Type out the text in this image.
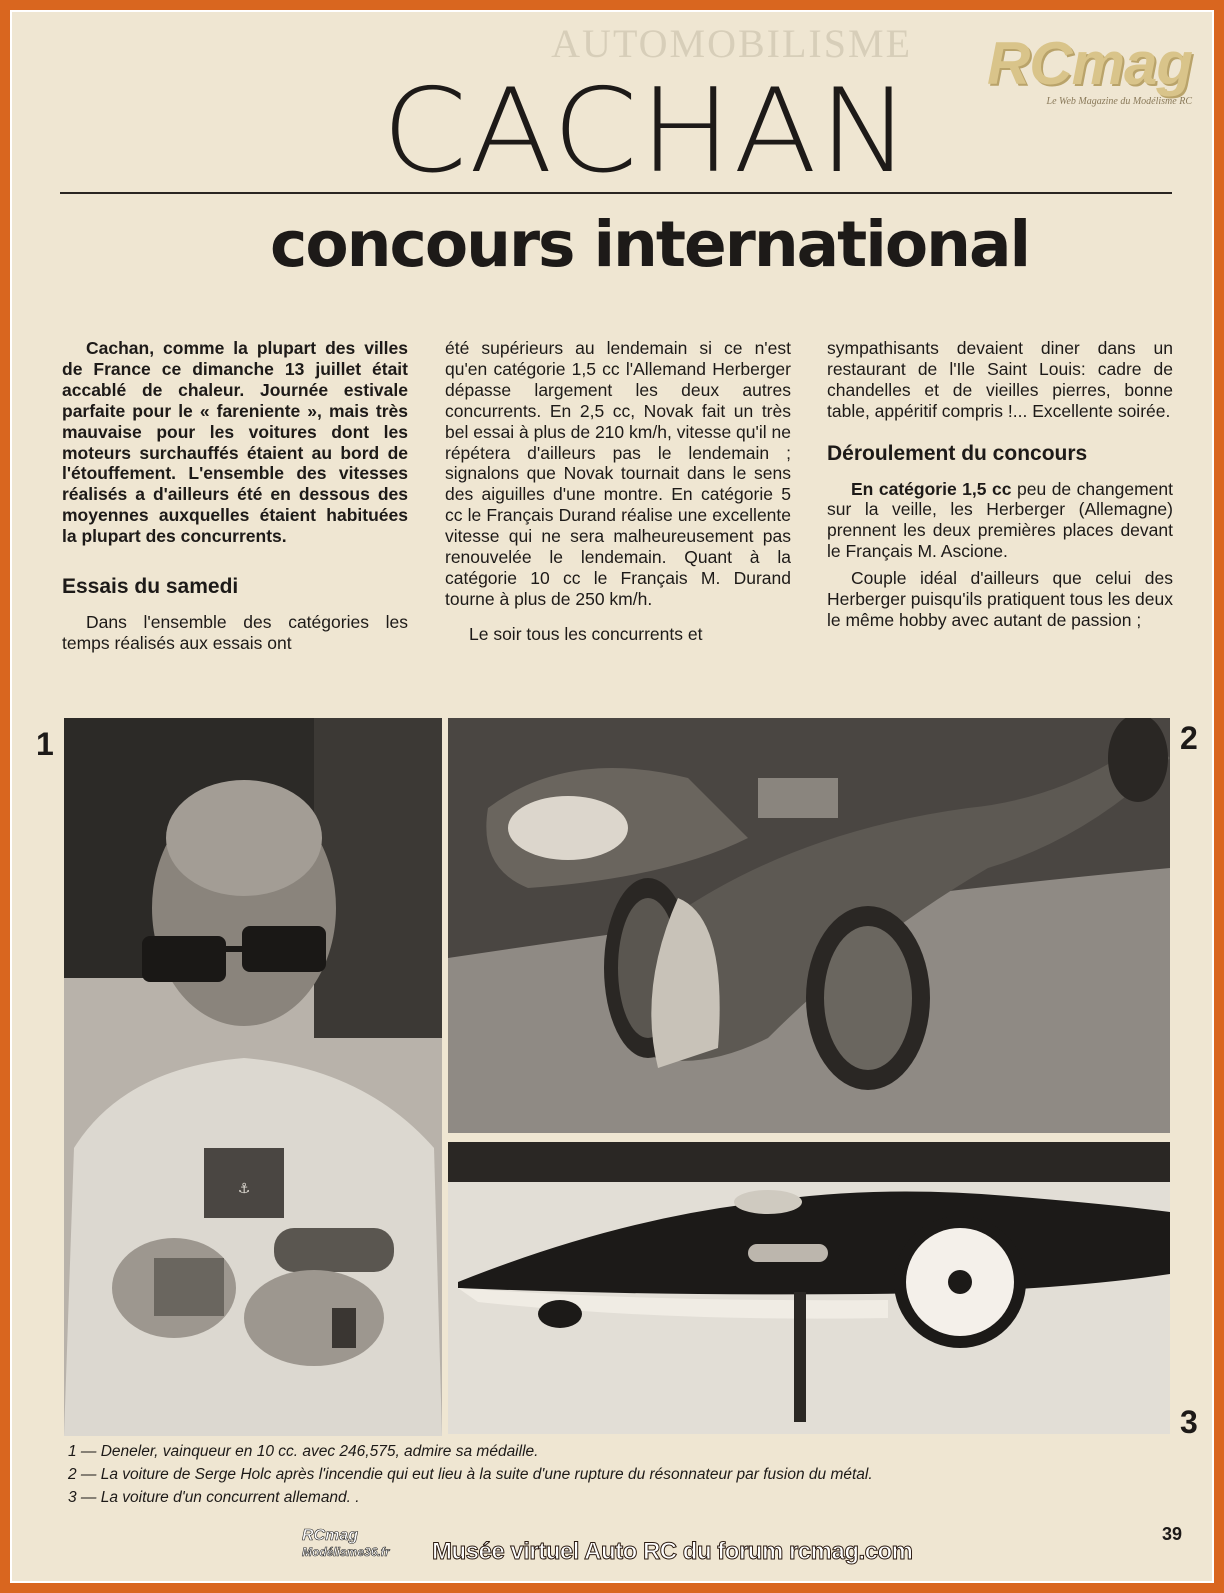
AUTOMOBILISME RCmag
Le Web Magazine du Modélisme RC
CACHAN
concours international

Cachan, comme la plupart des villes de France ce dimanche 13 juillet était accablé de chaleur. Journée estivale parfaite pour le « fareniente », mais très mauvaise pour les voitures dont les moteurs surchauffés étaient au bord de l'étouffement. L'ensemble des vitesses réalisés a d'ailleurs été en dessous des moyennes auxquelles étaient habituées la plupart des concurrents.

Essais du samedi

Dans l'ensemble des catégories les temps réalisés aux essais ont

été supérieurs au lendemain si ce n'est qu'en catégorie 1,5 cc l'Allemand Herberger dépasse largement les deux autres concurrents. En 2,5 cc, Novak fait un très bel essai à plus de 210 km/h, vitesse qu'il ne répétera d'ailleurs pas le lendemain ; signalons que Novak tournait dans le sens des aiguilles d'une montre. En catégorie 5 cc le Français Durand réalise une excellente vitesse qui ne sera malheureusement pas renouvelée le lendemain. Quant à la catégorie 10 cc le Français M. Durand tourne à plus de 250 km/h.

Le soir tous les concurrents et

sympathisants devaient diner dans un restaurant de l'Ile Saint Louis: cadre de chandelles et de vieilles pierres, bonne table, appéritif compris !... Excellente soirée.

Déroulement du concours

En catégorie 1,5 cc peu de changement sur la veille, les Herberger (Allemagne) prennent les deux premières places devant le Français M. Ascione.

Couple idéal d'ailleurs que celui des Herberger puisqu'ils pratiquent tous les deux le même hobby avec autant de passion ;

1	2
3
⚓
1 — Deneler, vainqueur en 10 cc. avec 246,575, admire sa médaille.
2 — La voiture de Serge Holc après l'incendie qui eut lieu à la suite d'une rupture du résonnateur par fusion du métal.
3 — La voiture d'un concurrent allemand. .
39
RCmag
Modélisme36.fr Musée virtuel Auto RC du forum rcmag.com
